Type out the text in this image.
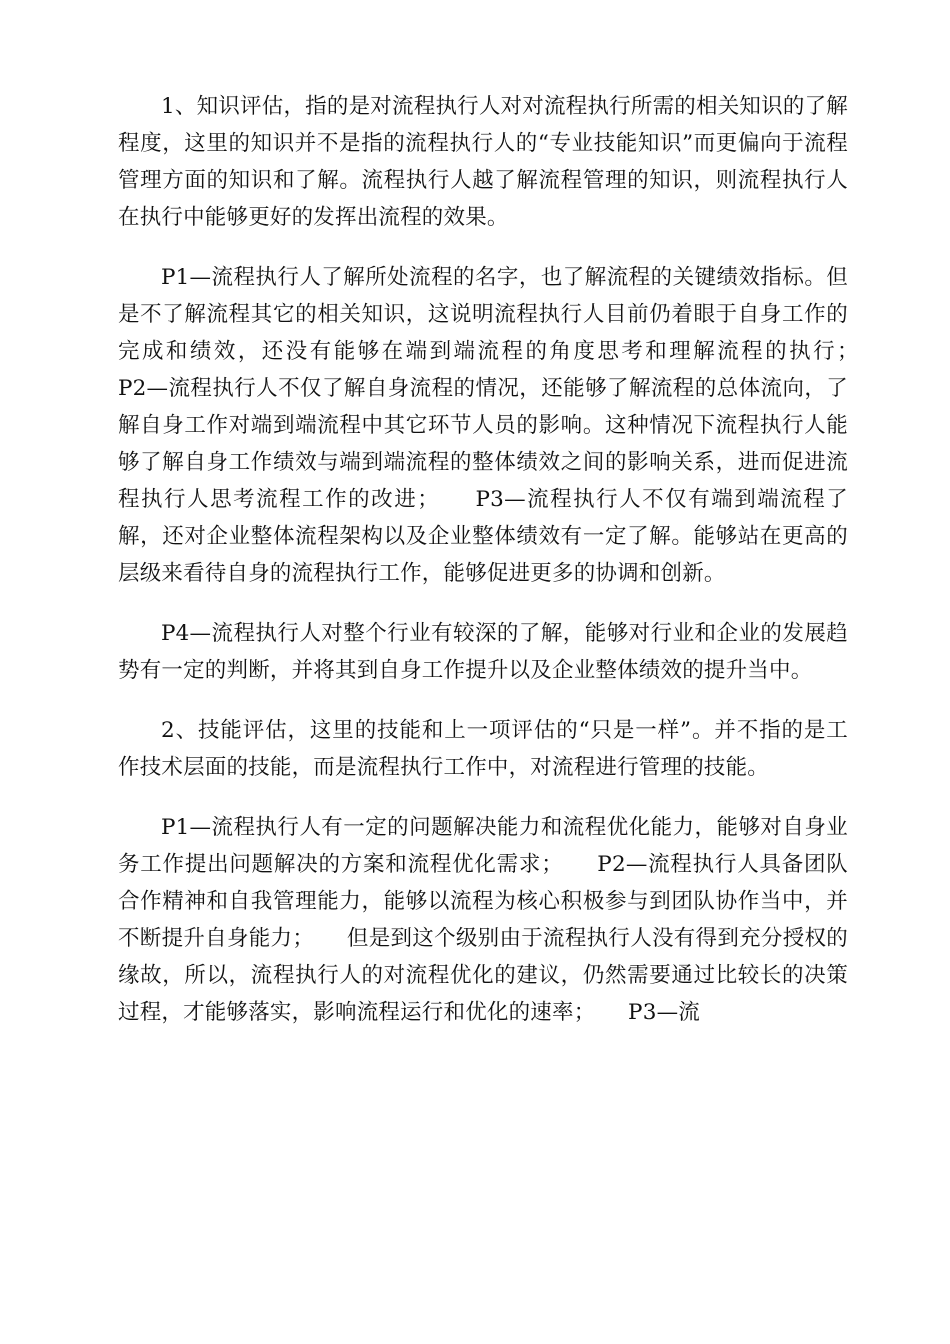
1、知识评估，指的是对流程执行人对对流程执行所需的相关知识的了解程度，这里的知识并不是指的流程执行人的“专业技能知识”而更偏向于流程管理方面的知识和了解。流程执行人越了解流程管理的知识，则流程执行人在执行中能够更好的发挥出流程的效果。

P1—流程执行人了解所处流程的名字，也了解流程的关键绩效指标。但是不了解流程其它的相关知识，这说明流程执行人目前仍着眼于自身工作的完成和绩效，还没有能够在端到端流程的角度思考和理解流程的执行；　　P2—流程执行人不仅了解自身流程的情况，还能够了解流程的总体流向，了解自身工作对端到端流程中其它环节人员的影响。这种情况下流程执行人能够了解自身工作绩效与端到端流程的整体绩效之间的影响关系，进而促进流程执行人思考流程工作的改进；　　P3—流程执行人不仅有端到端流程了解，还对企业整体流程架构以及企业整体绩效有一定了解。能够站在更高的层级来看待自身的流程执行工作，能够促进更多的协调和创新。

P4—流程执行人对整个行业有较深的了解，能够对行业和企业的发展趋势有一定的判断，并将其到自身工作提升以及企业整体绩效的提升当中。

2、技能评估，这里的技能和上一项评估的“只是一样”。并不指的是工作技术层面的技能，而是流程执行工作中，对流程进行管理的技能。

P1—流程执行人有一定的问题解决能力和流程优化能力，能够对自身业务工作提出问题解决的方案和流程优化需求；　　P2—流程执行人具备团队合作精神和自我管理能力，能够以流程为核心积极参与到团队协作当中，并不断提升自身能力；　　但是到这个级别由于流程执行人没有得到充分授权的缘故，所以，流程执行人的对流程优化的建议，仍然需要通过比较长的决策过程，才能够落实，影响流程运行和优化的速率；　　P3—流
